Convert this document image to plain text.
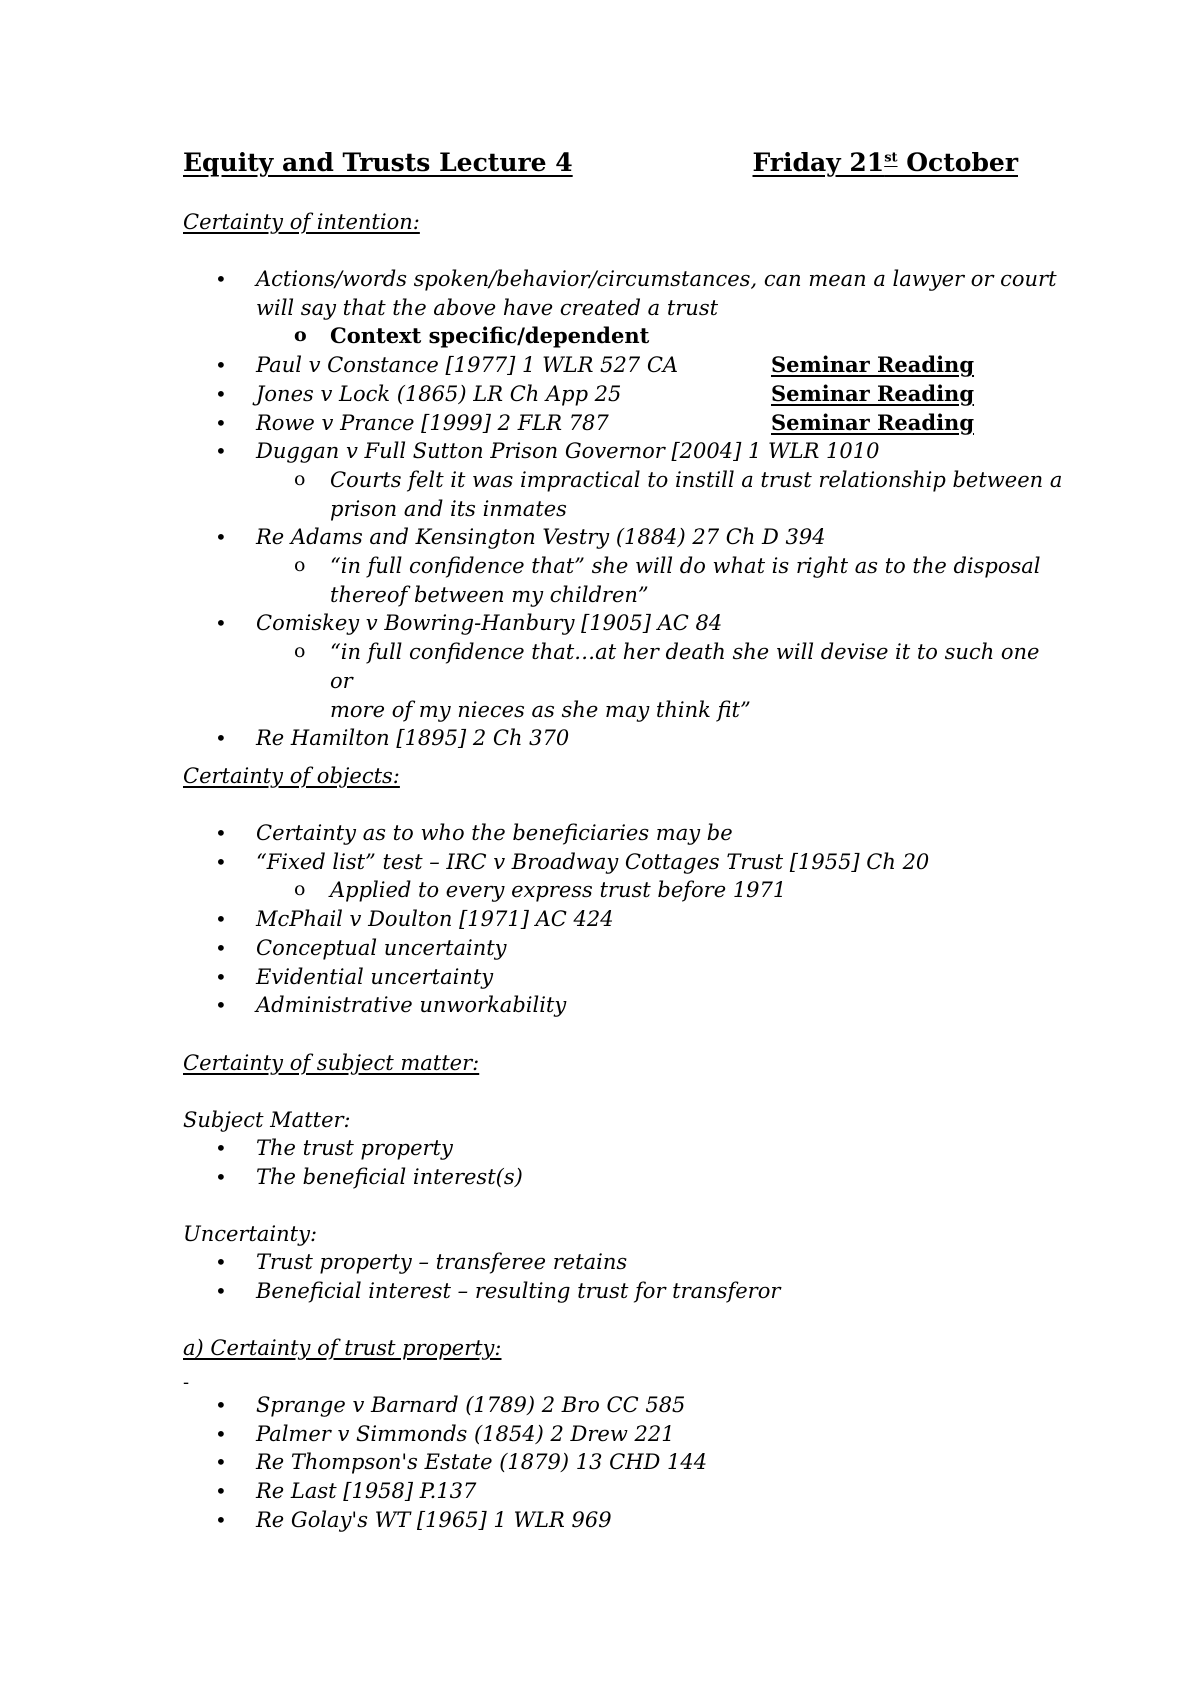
Equity and Trusts Lecture 4	Friday 21st October
Certainty of intention:
• Actions/words spoken/behavior/circumstances, can mean a lawyer or court
will say that the above have created a trust
o Context specific/dependent
• Paul v Constance [1977] 1 WLR 527 CA	Seminar Reading
• Jones v Lock (1865) LR Ch App 25	Seminar Reading
• Rowe v Prance [1999] 2 FLR 787	Seminar Reading
• Duggan v Full Sutton Prison Governor [2004] 1 WLR 1010
o Courts felt it was impractical to instill a trust relationship between a
prison and its inmates
• Re Adams and Kensington Vestry (1884) 27 Ch D 394
o “in full confidence that” she will do what is right as to the disposal
thereof between my children”
• Comiskey v Bowring-Hanbury [1905] AC 84
o “in full confidence that…at her death she will devise it to such one or
more of my nieces as she may think fit”
• Re Hamilton [1895] 2 Ch 370
Certainty of objects:
• Certainty as to who the beneficiaries may be
• “Fixed list” test – IRC v Broadway Cottages Trust [1955] Ch 20
o Applied to every express trust before 1971
• McPhail v Doulton [1971] AC 424
• Conceptual uncertainty
• Evidential uncertainty
• Administrative unworkability
Certainty of subject matter:
Subject Matter:
• The trust property
• The beneficial interest(s)
Uncertainty:
• Trust property – transferee retains
• Beneficial interest – resulting trust for transferor
a) Certainty of trust property:
-
• Sprange v Barnard (1789) 2 Bro CC 585
• Palmer v Simmonds (1854) 2 Drew 221
• Re Thompson's Estate (1879) 13 CHD 144
• Re Last [1958] P.137
• Re Golay's WT [1965] 1 WLR 969
